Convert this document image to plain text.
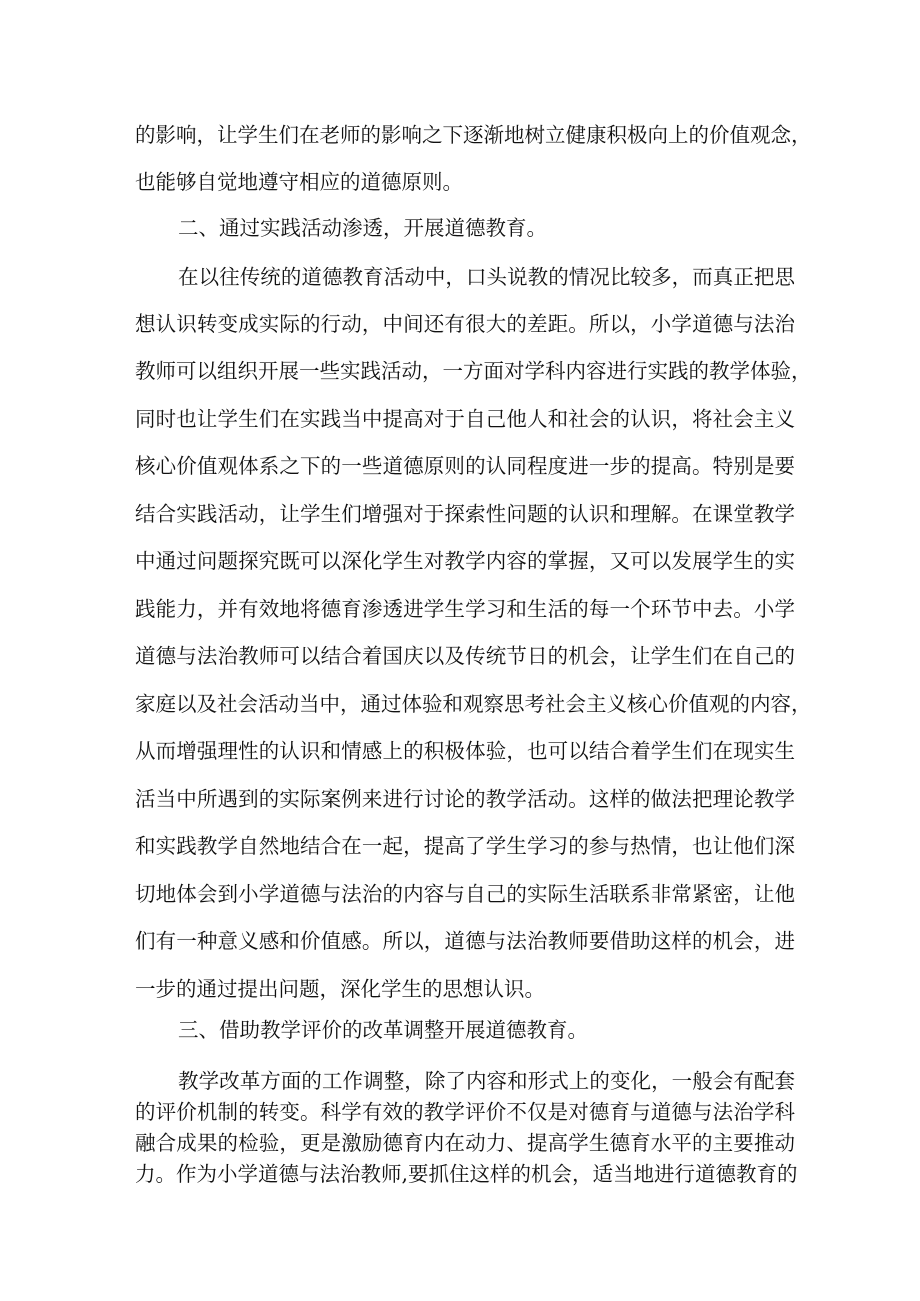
的影响，让学生们在老师的影响之下逐渐地树立健康积极向上的价值观念，
也能够自觉地遵守相应的道德原则。
二、通过实践活动渗透，开展道德教育。
在以往传统的道德教育活动中，口头说教的情况比较多，而真正把思
想认识转变成实际的行动，中间还有很大的差距。所以，小学道德与法治
教师可以组织开展一些实践活动，一方面对学科内容进行实践的教学体验，
同时也让学生们在实践当中提高对于自己他人和社会的认识，将社会主义
核心价值观体系之下的一些道德原则的认同程度进一步的提高。特别是要
结合实践活动，让学生们增强对于探索性问题的认识和理解。在课堂教学
中通过问题探究既可以深化学生对教学内容的掌握，又可以发展学生的实
践能力，并有效地将德育渗透进学生学习和生活的每一个环节中去。小学
道德与法治教师可以结合着国庆以及传统节日的机会，让学生们在自己的
家庭以及社会活动当中，通过体验和观察思考社会主义核心价值观的内容，
从而增强理性的认识和情感上的积极体验，也可以结合着学生们在现实生
活当中所遇到的实际案例来进行讨论的教学活动。这样的做法把理论教学
和实践教学自然地结合在一起，提高了学生学习的参与热情，也让他们深
切地体会到小学道德与法治的内容与自己的实际生活联系非常紧密，让他
们有一种意义感和价值感。所以，道德与法治教师要借助这样的机会，进
一步的通过提出问题，深化学生的思想认识。
三、借助教学评价的改革调整开展道德教育。
教学改革方面的工作调整，除了内容和形式上的变化，一般会有配套
的评价机制的转变。科学有效的教学评价不仅是对德育与道德与法治学科
融合成果的检验，更是激励德育内在动力、提高学生德育水平的主要推动
力。作为小学道德与法治教师,要抓住这样的机会，适当地进行道德教育的
